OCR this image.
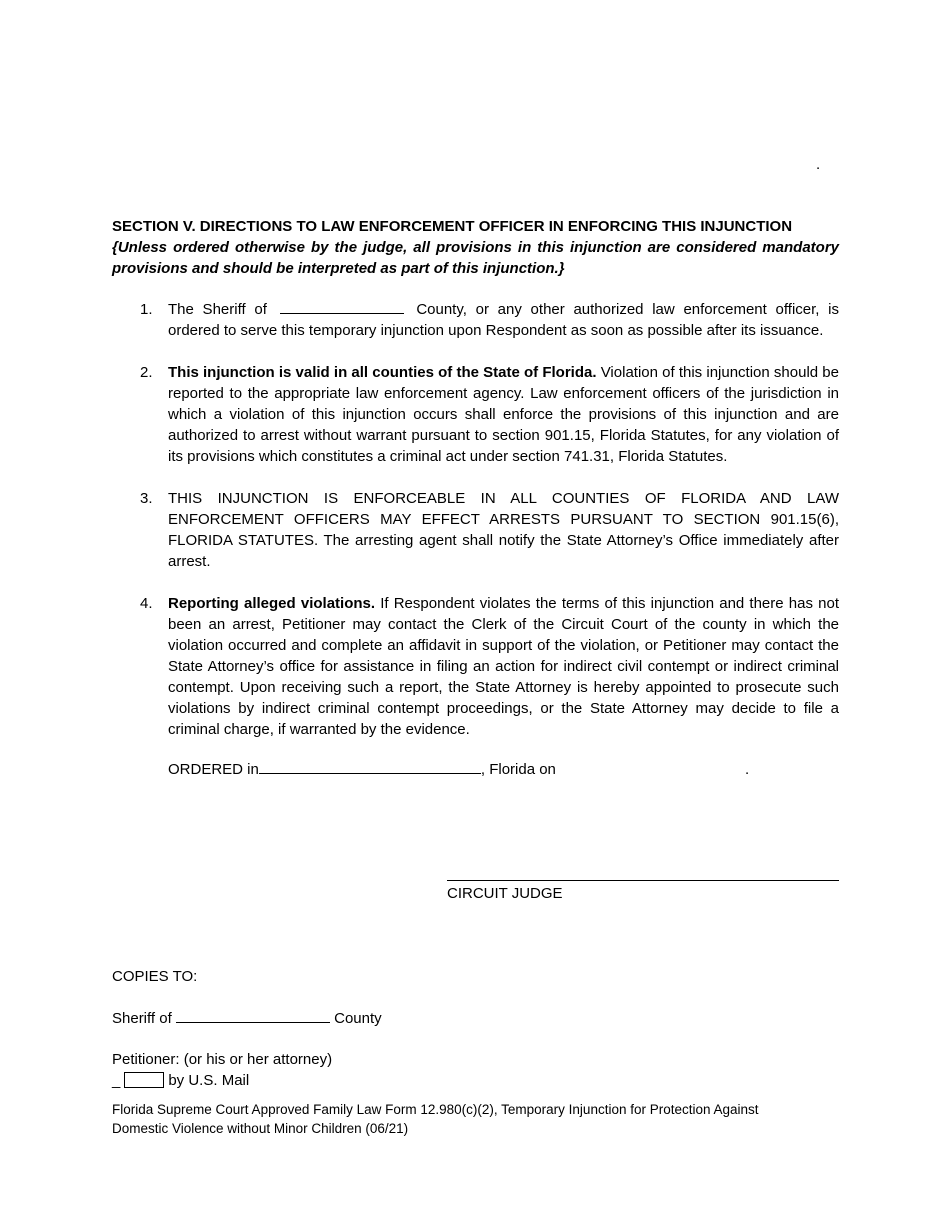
.

SECTION V. DIRECTIONS TO LAW ENFORCEMENT OFFICER IN ENFORCING THIS INJUNCTION

{Unless ordered otherwise by the judge, all provisions in this injunction are considered mandatory provisions and should be interpreted as part of this injunction.}

1. The Sheriff of	County, or any other authorized law enforcement officer, is ordered to serve this temporary injunction upon Respondent as soon as possible after its issuance.
2. This injunction is valid in all counties of the State of Florida. Violation of this injunction should be reported to the appropriate law enforcement agency. Law enforcement officers of the jurisdiction in which a violation of this injunction occurs shall enforce the provisions of this injunction and are authorized to arrest without warrant pursuant to section 901.15, Florida Statutes, for any violation of its provisions which constitutes a criminal act under section 741.31, Florida Statutes.
3. THIS INJUNCTION IS ENFORCEABLE IN ALL COUNTIES OF FLORIDA AND LAW ENFORCEMENT OFFICERS MAY EFFECT ARRESTS PURSUANT TO SECTION 901.15(6), FLORIDA STATUTES. The arresting agent shall notify the State Attorney’s Office immediately after arrest.
4. Reporting alleged violations. If Respondent violates the terms of this injunction and there has not been an arrest, Petitioner may contact the Clerk of the Circuit Court of the county in which the violation occurred and complete an affidavit in support of the violation, or Petitioner may contact the State Attorney’s office for assistance in filing an action for indirect civil contempt or indirect criminal contempt. Upon receiving such a report, the State Attorney is hereby appointed to prosecute such violations by indirect criminal contempt proceedings, or the State Attorney may decide to file a criminal charge, if warranted by the evidence.
ORDERED in	, Florida on	.
CIRCUIT JUDGE
COPIES TO:
Sheriff of	County
Petitioner: (or his or her attorney)
_	by U.S. Mail
Florida Supreme Court Approved Family Law Form 12.980(c)(2), Temporary Injunction for Protection Against
Domestic Violence without Minor Children (06/21)
